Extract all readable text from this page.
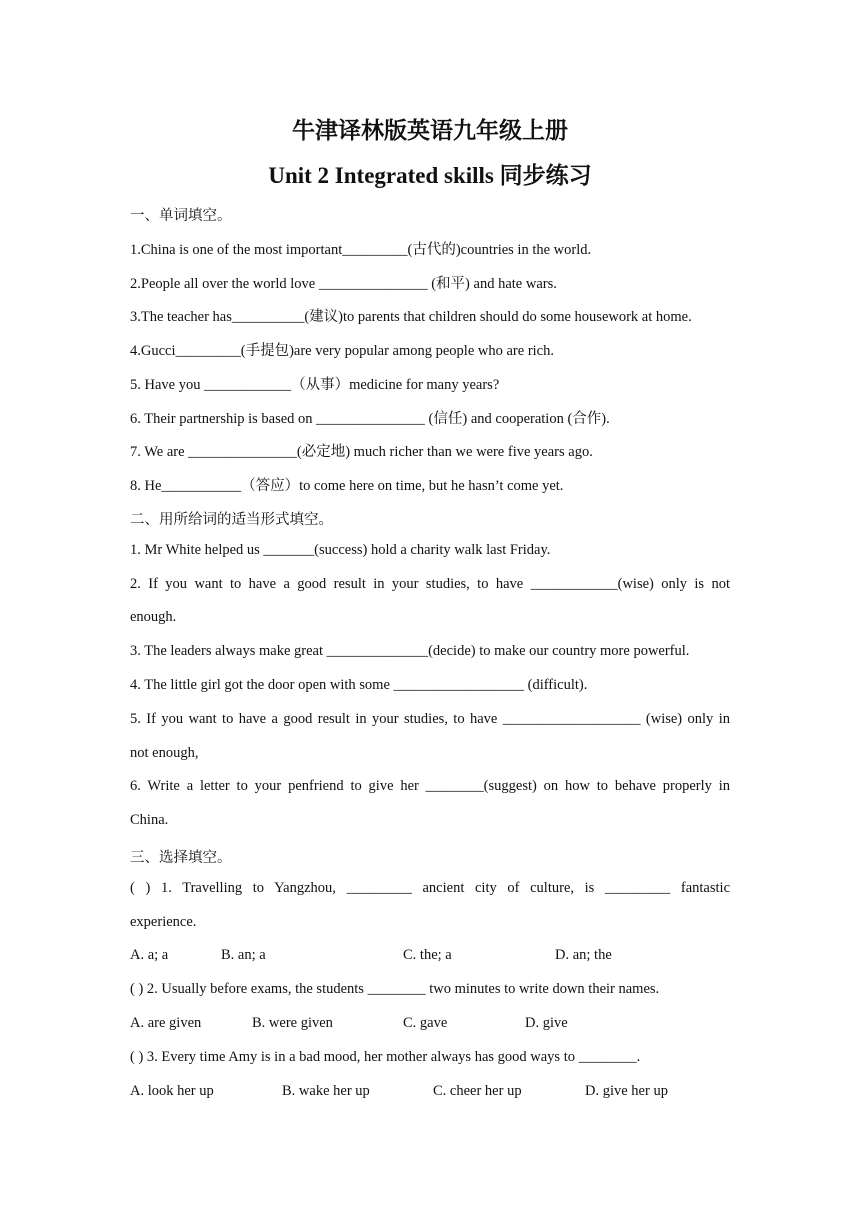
牛津译林版英语九年级上册
Unit 2 Integrated skills 同步练习
一、单词填空。
1.China is one of the most important_________(古代的)countries in the world.
2.People all over the world love _______________ (和平) and hate wars.
3.The teacher has__________(建议)to parents that children should do some housework at home.
4.Gucci_________(手提包)are very popular among people who are rich.
5. Have you ____________（从事）medicine for many years?
6. Their partnership is based on _______________ (信任) and cooperation (合作).
7. We are _______________(必定地) much richer than we were five years ago.
8. He___________（答应）to come here on time, but he hasn’t come yet.
二、用所给词的适当形式填空。
1. Mr White helped us _______(success) hold a charity walk last Friday.
2. If you want to have a good result in your studies, to have ____________(wise) only is not
enough.
3. The leaders always make great ______________(decide) to make our country more powerful.
4. The little girl got the door open with some __________________ (difficult).
5. If you want to have a good result in your studies, to have ___________________ (wise) only in
not enough,
6. Write a letter to your penfriend to give her ________(suggest) on how to behave properly in
China.
三、选择填空。
( ) 1. Travelling to Yangzhou, _________ ancient city of culture, is _________ fantastic
experience.
A. a; a	B. an; a	C. the; a	D. an; the
( ) 2. Usually before exams, the students ________ two minutes to write down their names.
A. are given	B. were given	C. gave	D. give
( ) 3. Every time Amy is in a bad mood, her mother always has good ways to ________.
A. look her up	B. wake her up	C. cheer her up	D. give her up
